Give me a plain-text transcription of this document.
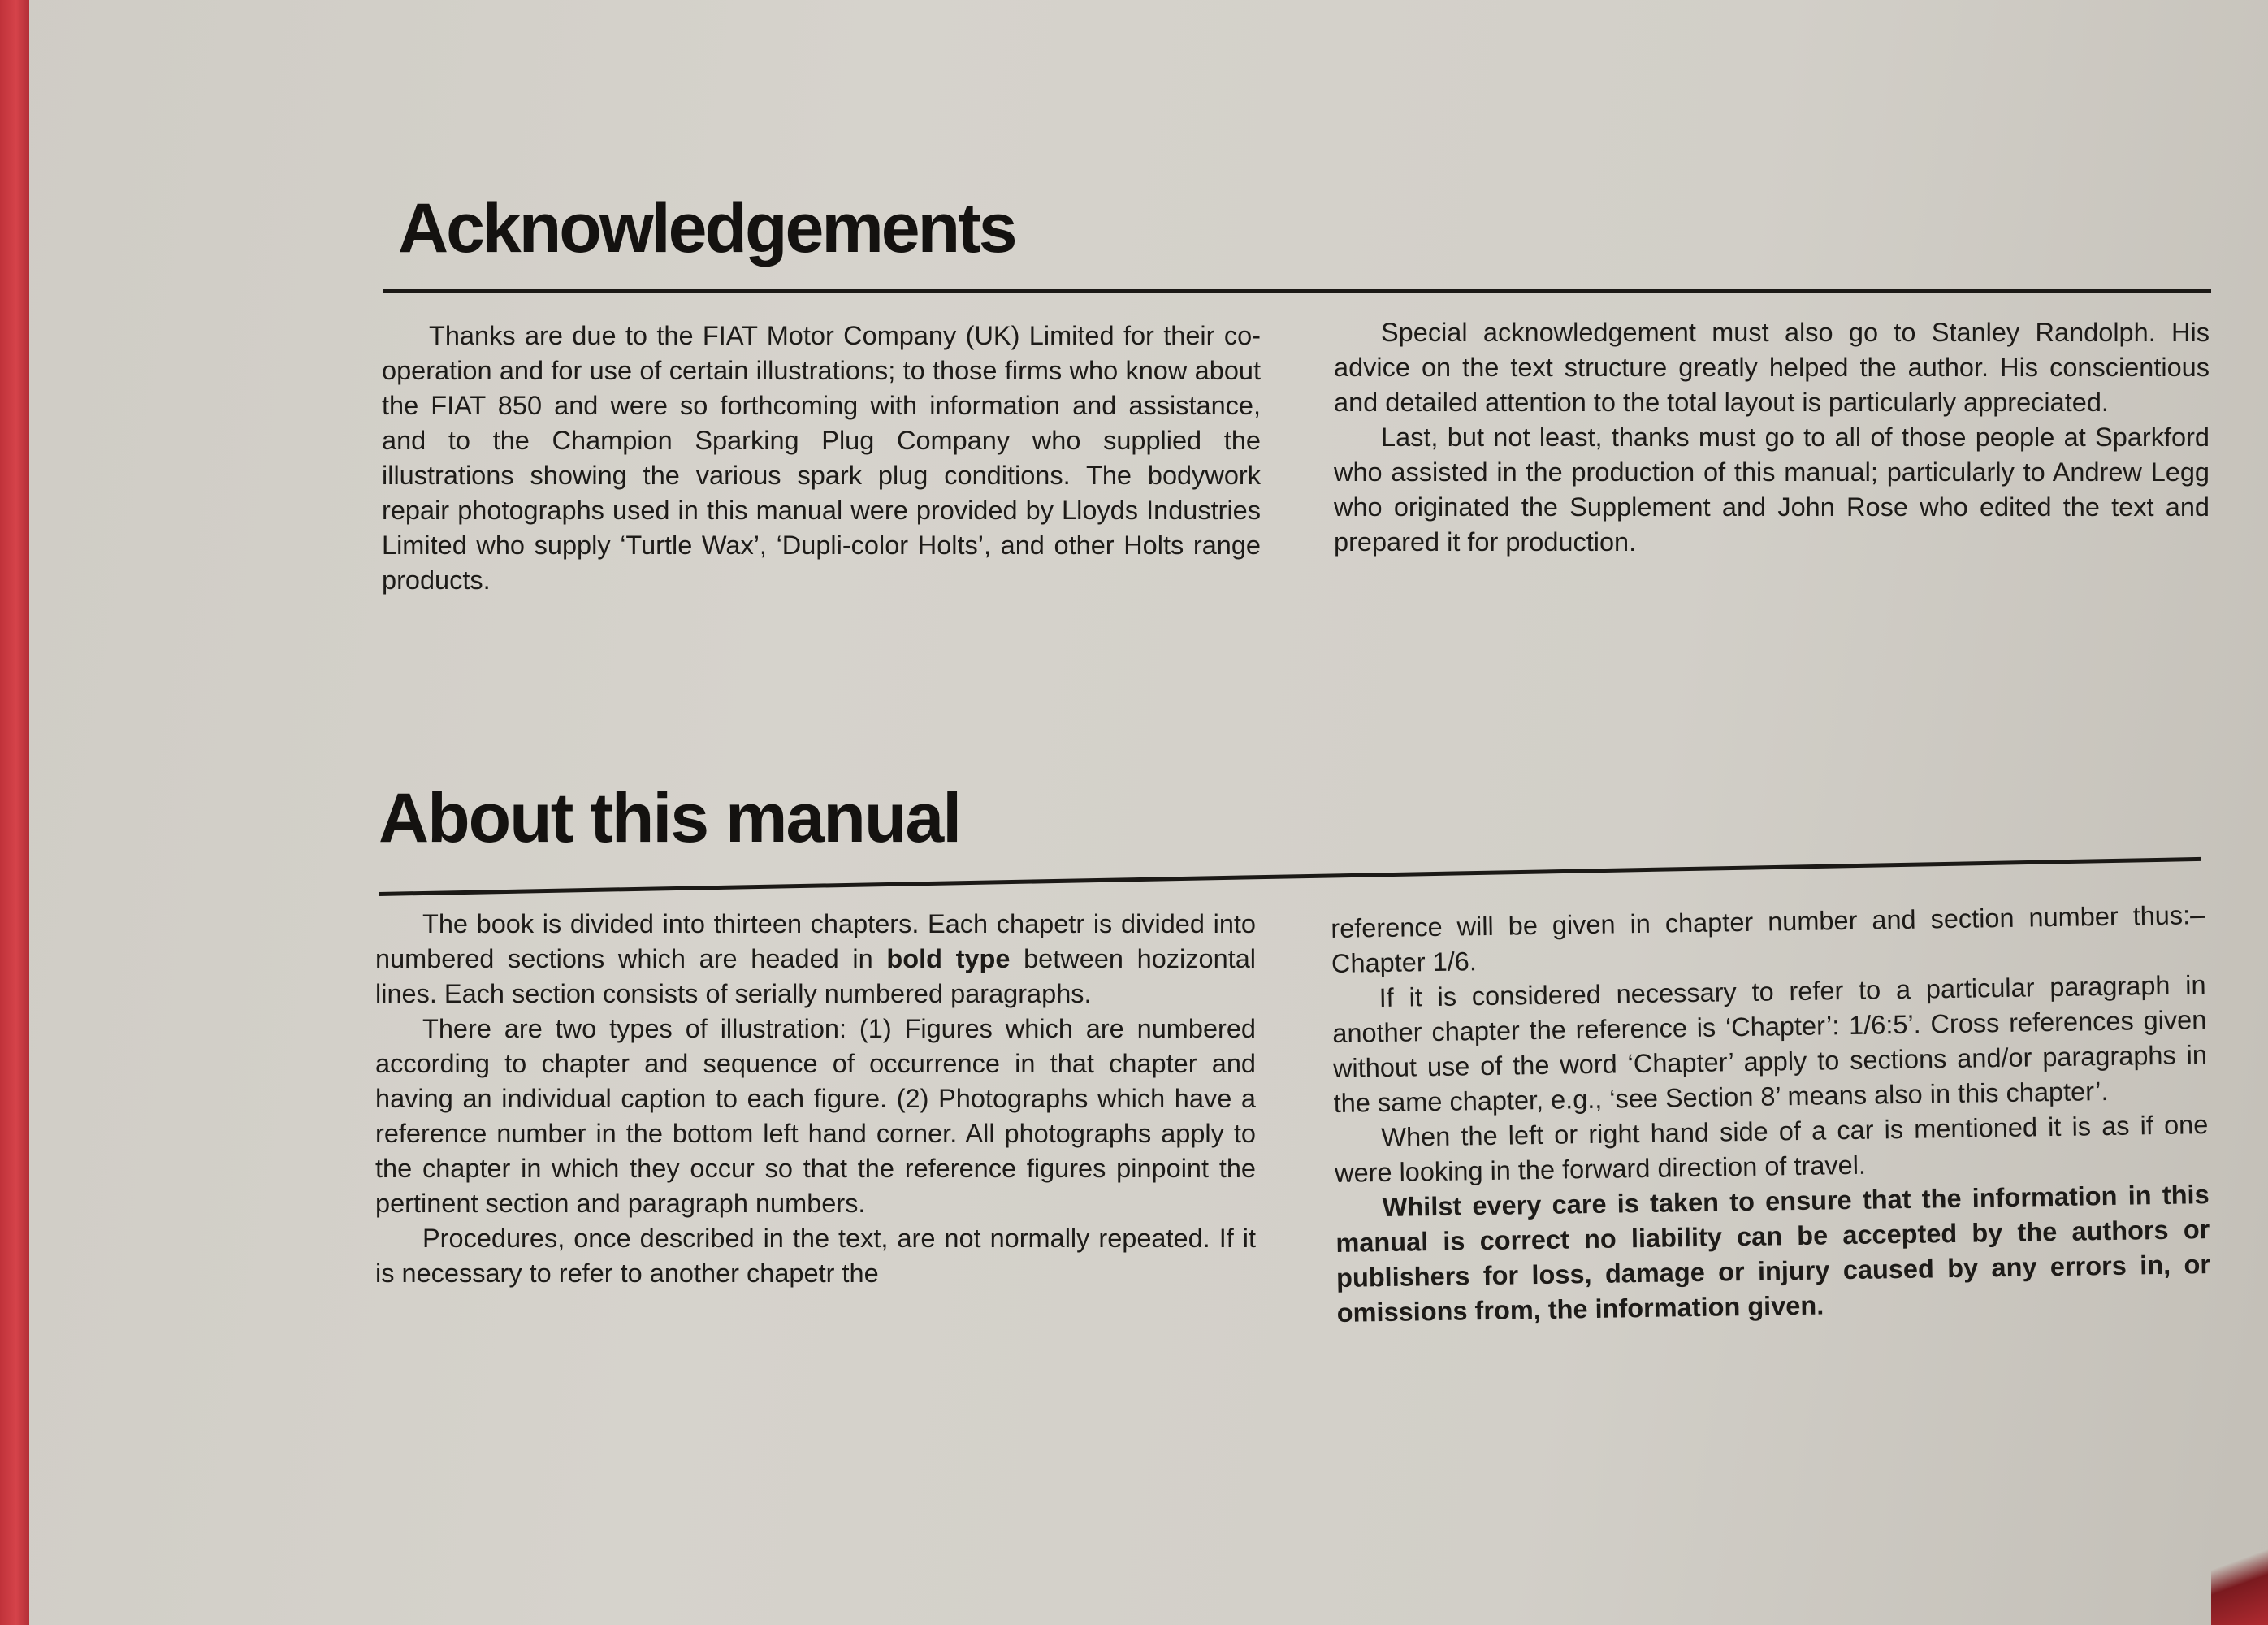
Acknowledgements

Thanks are due to the FIAT Motor Company (UK) Limited for their co-operation and for use of certain illustrations; to those firms who know about the FIAT 850 and were so forthcoming with information and assistance, and to the Champion Sparking Plug Company who supplied the illustrations showing the various spark plug conditions. The bodywork repair photographs used in this manual were provided by Lloyds Industries Limited who supply ‘Turtle Wax’, ‘Dupli-color Holts’, and other Holts range products.

Special acknowledgement must also go to Stanley Randolph. His advice on the text structure greatly helped the author. His conscientious and detailed attention to the total layout is particularly appreciated.

Last, but not least, thanks must go to all of those people at Sparkford who assisted in the production of this manual; particularly to Andrew Legg who originated the Supplement and John Rose who edited the text and prepared it for production.

About this manual

The book is divided into thirteen chapters. Each chapetr is divided into numbered sections which are headed in bold type between hozizontal lines. Each section consists of serially numbered paragraphs.

There are two types of illustration: (1) Figures which are numbered according to chapter and sequence of occurrence in that chapter and having an individual caption to each figure. (2) Photographs which have a reference number in the bottom left hand corner. All photographs apply to the chapter in which they occur so that the reference figures pinpoint the pertinent section and paragraph numbers.

Procedures, once described in the text, are not normally repeated. If it is necessary to refer to another chapetr the

reference will be given in chapter number and section number thus:– Chapter 1/6.

If it is considered necessary to refer to a particular paragraph in another chapter the reference is ‘Chapter’: 1/6:5’. Cross references given without use of the word ‘Chapter’ apply to sections and/or paragraphs in the same chapter, e.g., ‘see Section 8’ means also in this chapter’.

When the left or right hand side of a car is mentioned it is as if one were looking in the forward direction of travel.

Whilst every care is taken to ensure that the information in this manual is correct no liability can be accepted by the authors or publishers for loss, damage or injury caused by any errors in, or omissions from, the information given.
